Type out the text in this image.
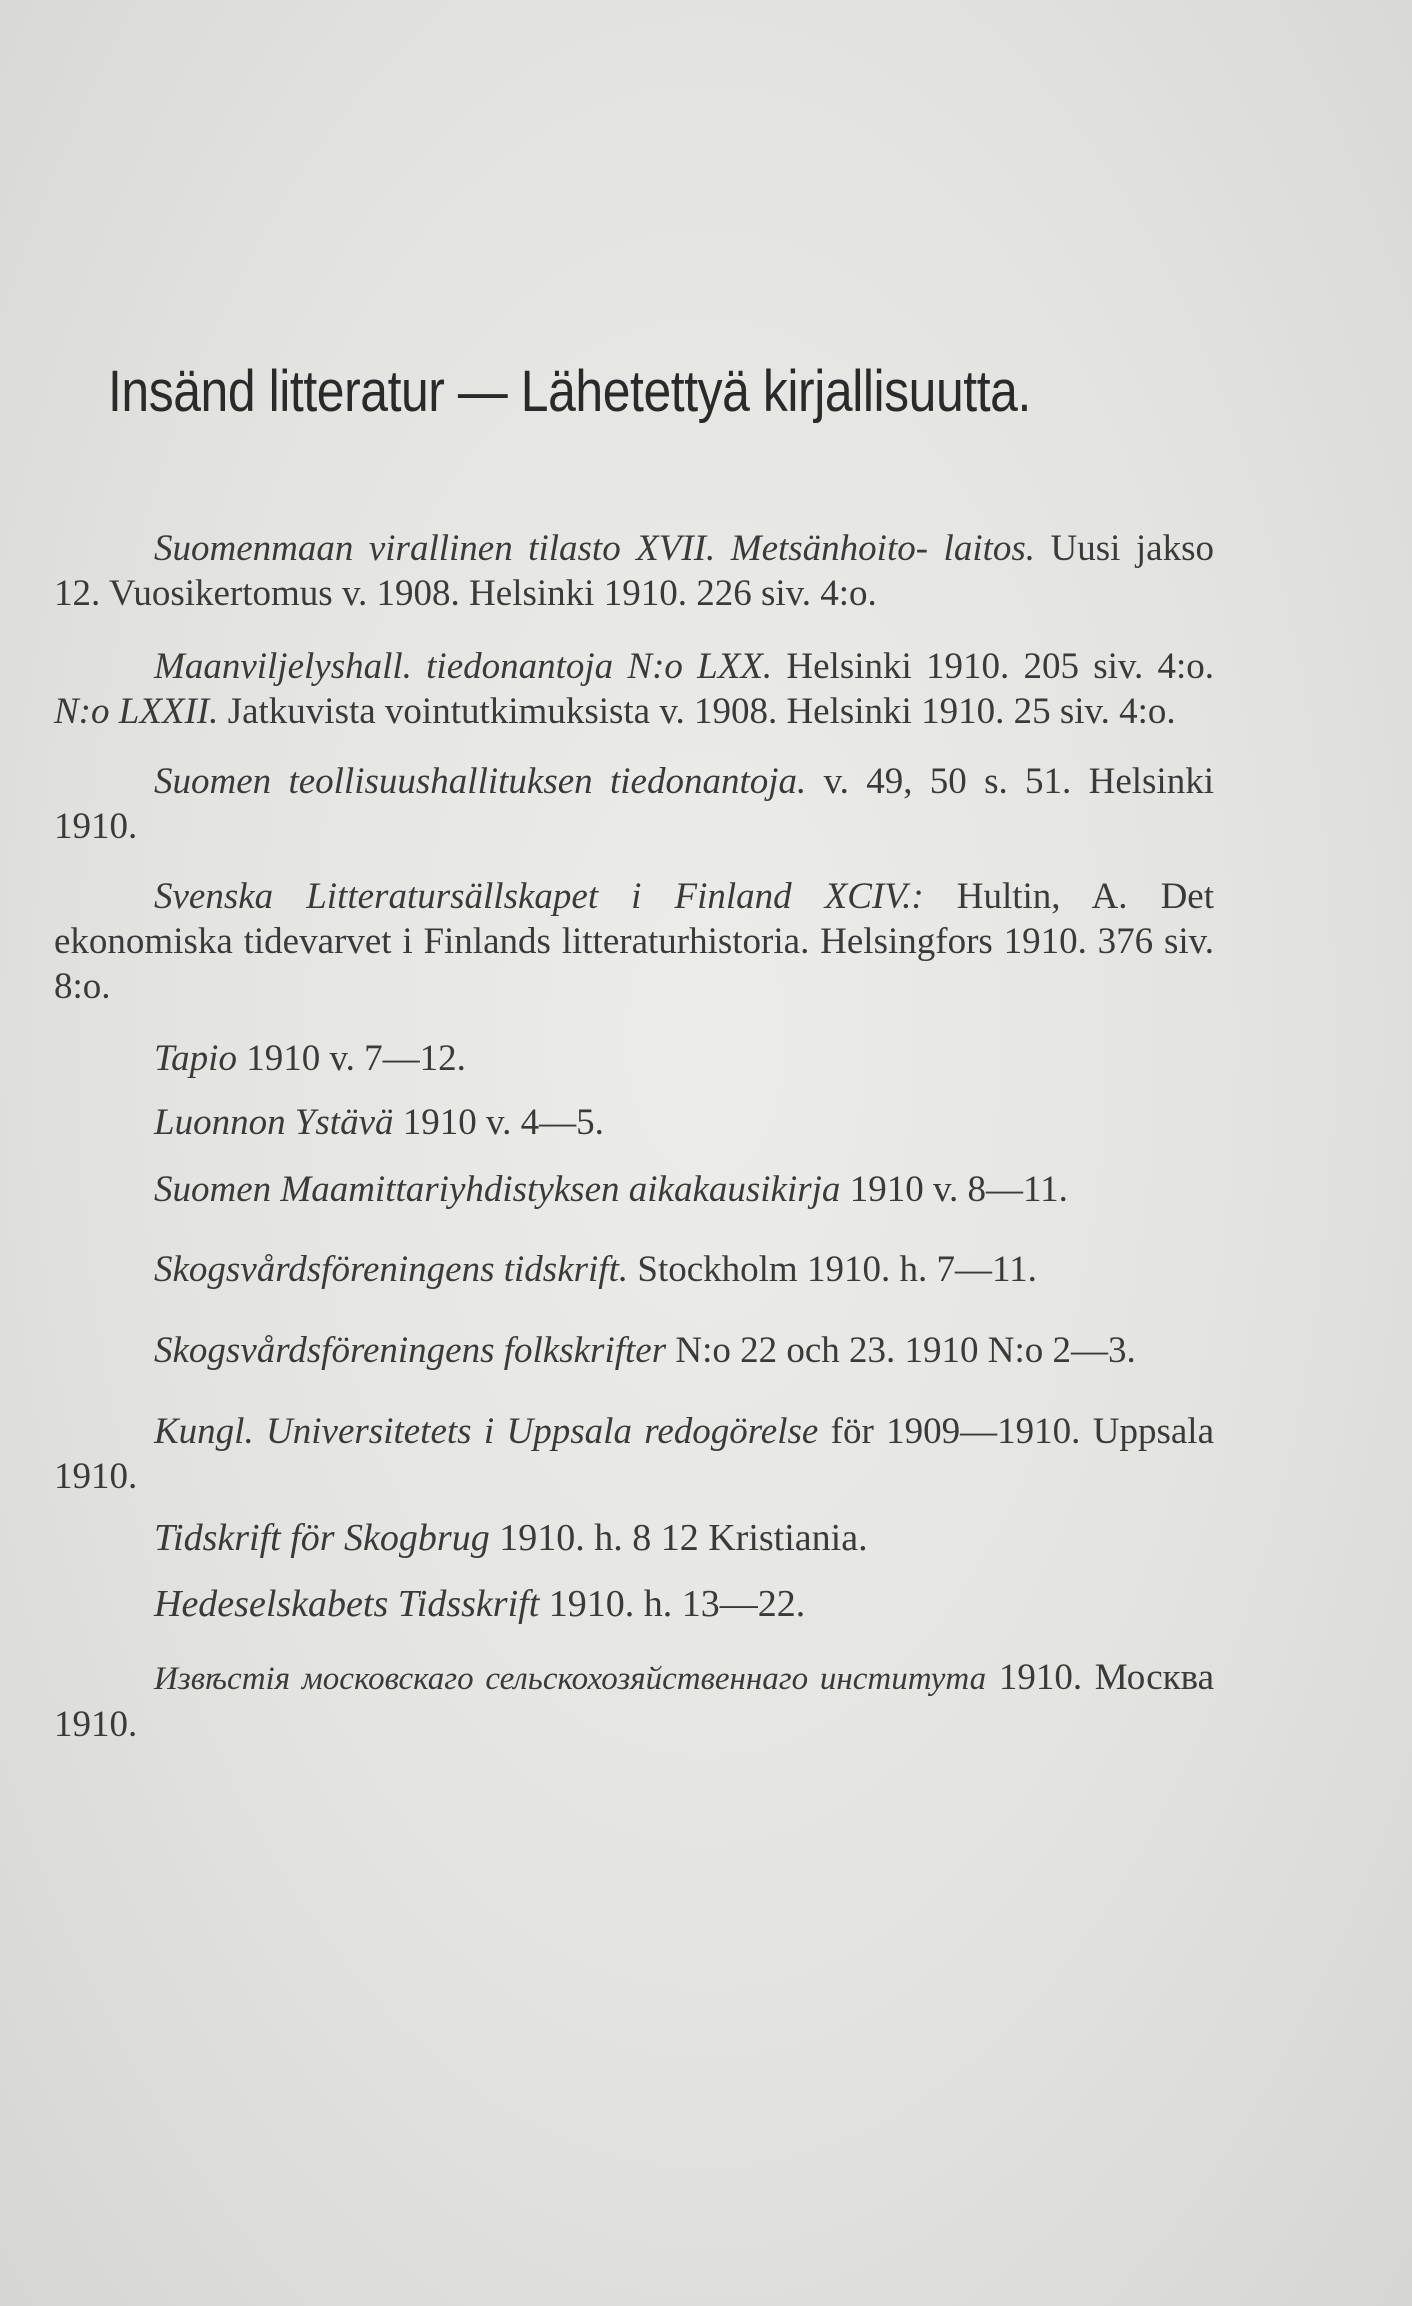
Insänd litteratur — Lähetettyä kirjallisuutta.

Suomenmaan virallinen tilasto XVII. Metsänhoito- laitos. Uusi jakso 12. Vuosikertomus v. 1908. Helsinki 1910. 226 siv. 4:o.

Maanviljelyshall. tiedonantoja N:o LXX. Helsinki 1910. 205 siv. 4:o. N:o LXXII. Jatkuvista vointutkimuksista v. 1908. Helsinki 1910. 25 siv. 4:o.

Suomen teollisuushallituksen tiedonantoja. v. 49, 50 s. 51. Helsinki 1910.

Svenska Litteratursällskapet i Finland XCIV.: Hultin, A. Det ekonomiska tidevarvet i Finlands litteraturhistoria. Helsingfors 1910. 376 siv. 8:o.

Tapio 1910 v. 7—12.

Luonnon Ystävä 1910 v. 4—5.

Suomen Maamittariyhdistyksen aikakausikirja 1910 v. 8—11.

Skogsvårdsföreningens tidskrift. Stockholm 1910. h. 7—11.

Skogsvårdsföreningens folkskrifter N:o 22 och 23. 1910 N:o 2—3.

Kungl. Universitetets i Uppsala redogörelse för 1909—1910. Uppsala 1910.

Tidskrift för Skogbrug 1910. h. 8 12 Kristiania.

Hedeselskabets Tidsskrift 1910. h. 13—22.

Извѣстія московскаго сельскохозяйственнаго института 1910. Москва 1910.
